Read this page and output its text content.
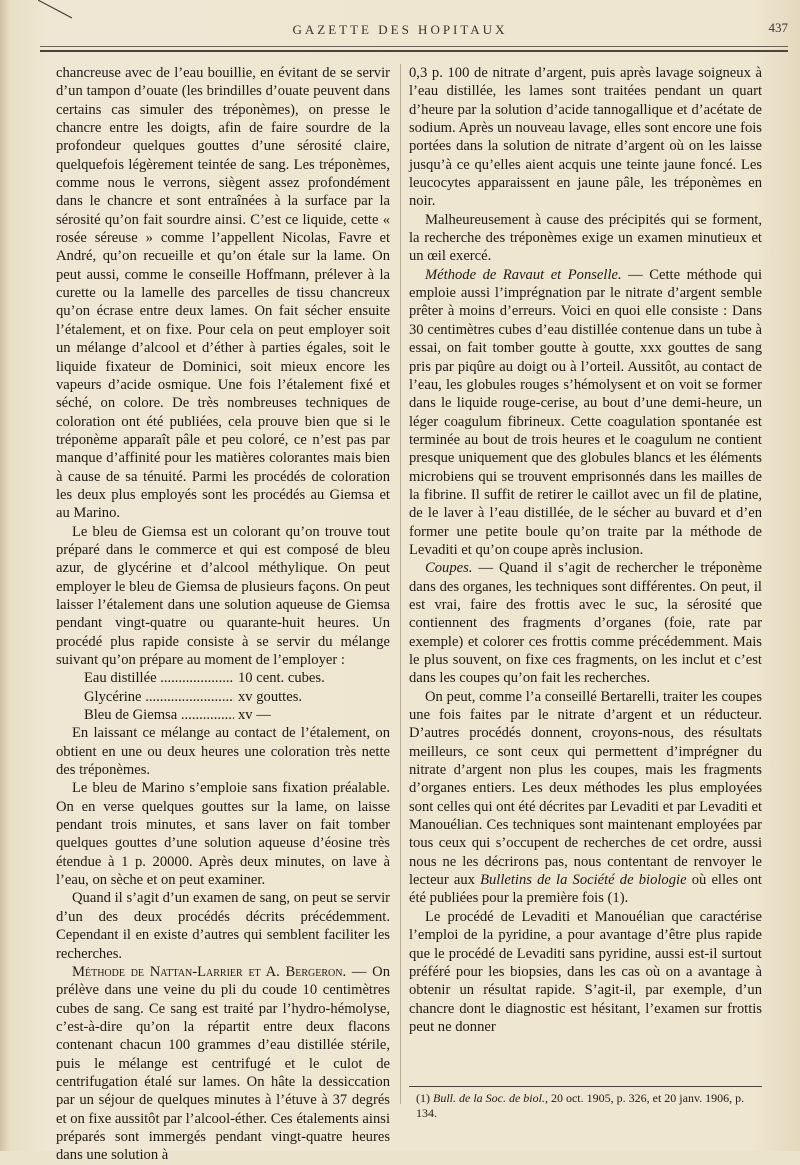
GAZETTE DES HOPITAUX	437

chancreuse avec de l’eau bouillie, en évitant de se servir d’un tampon d’ouate (les brindilles d’ouate peuvent dans certains cas simuler des tréponèmes), on presse le chancre entre les doigts, afin de faire sourdre de la profondeur quelques gouttes d’une sérosité claire, quelquefois légèrement teintée de sang. Les tréponèmes, comme nous le verrons, siègent assez profondément dans le chancre et sont entraînées à la surface par la sérosité qu’on fait sourdre ainsi. C’est ce liquide, cette « rosée séreuse » comme l’appellent Nicolas, Favre et André, qu’on recueille et qu’on étale sur la lame. On peut aussi, comme le conseille Hoffmann, prélever à la curette ou la lamelle des parcelles de tissu chancreux qu’on écrase entre deux lames. On fait sécher ensuite l’étalement, et on fixe. Pour cela on peut employer soit un mélange d’alcool et d’éther à parties égales, soit le liquide fixateur de Dominici, soit mieux encore les vapeurs d’acide osmique. Une fois l’étalement fixé et séché, on colore. De très nombreuses techniques de coloration ont été publiées, cela prouve bien que si le tréponème apparaît pâle et peu coloré, ce n’est pas par manque d’affinité pour les matières colorantes mais bien à cause de sa ténuité. Parmi les procédés de coloration les deux plus employés sont les procédés au Giemsa et au Marino.

Le bleu de Giemsa est un colorant qu’on trouve tout préparé dans le commerce et qui est composé de bleu azur, de glycérine et d’alcool méthylique. On peut employer le bleu de Giemsa de plusieurs façons. On peut laisser l’étalement dans une solution aqueuse de Giemsa pendant vingt-quatre ou quarante-huit heures. Un procédé plus rapide consiste à se servir du mélange suivant qu’on prépare au moment de l’employer :

Eau distillée .....	10 cent. cubes.
Glycérine .....	xv gouttes.
Bleu de Giemsa .....	xv —

En laissant ce mélange au contact de l’étalement, on obtient en une ou deux heures une coloration très nette des tréponèmes.

Le bleu de Marino s’emploie sans fixation préalable. On en verse quelques gouttes sur la lame, on laisse pendant trois minutes, et sans laver on fait tomber quelques gouttes d’une solution aqueuse d’éosine très étendue à 1 p. 20000. Après deux minutes, on lave à l’eau, on sèche et on peut examiner.

Quand il s’agit d’un examen de sang, on peut se servir d’un des deux procédés décrits précédemment. Cependant il en existe d’autres qui semblent faciliter les recherches.

Méthode de Nattan-Larrier et A. Bergeron. — On prélève dans une veine du pli du coude 10 centimètres cubes de sang. Ce sang est traité par l’hydro-hémolyse, c’est-à-dire qu’on la répartit entre deux flacons contenant chacun 100 grammes d’eau distillée stérile, puis le mélange est centrifugé et le culot de centrifugation étalé sur lames. On hâte la dessiccation par un séjour de quelques minutes à l’étuve à 37 degrés et on fixe aussitôt par l’alcool-éther. Ces étalements ainsi préparés sont immergés pendant vingt-quatre heures dans une solution à

0,3 p. 100 de nitrate d’argent, puis après lavage soigneux à l’eau distillée, les lames sont traitées pendant un quart d’heure par la solution d’acide tannogallique et d’acétate de sodium. Après un nouveau lavage, elles sont encore une fois portées dans la solution de nitrate d’argent où on les laisse jusqu’à ce qu’elles aient acquis une teinte jaune foncé. Les leucocytes apparaissent en jaune pâle, les tréponèmes en noir.

Malheureusement à cause des précipités qui se forment, la recherche des tréponèmes exige un examen minutieux et un œil exercé.

Méthode de Ravaut et Ponselle. — Cette méthode qui emploie aussi l’imprégnation par le nitrate d’argent semble prêter à moins d’erreurs. Voici en quoi elle consiste : Dans 30 centimètres cubes d’eau distillée contenue dans un tube à essai, on fait tomber goutte à goutte, xxx gouttes de sang pris par piqûre au doigt ou à l’orteil. Aussitôt, au contact de l’eau, les globules rouges s’hémolysent et on voit se former dans le liquide rouge-cerise, au bout d’une demi-heure, un léger coagulum fibrineux. Cette coagulation spontanée est terminée au bout de trois heures et le coagulum ne contient presque uniquement que des globules blancs et les éléments microbiens qui se trouvent emprisonnés dans les mailles de la fibrine. Il suffit de retirer le caillot avec un fil de platine, de le laver à l’eau distillée, de le sécher au buvard et d’en former une petite boule qu’on traite par la méthode de Levaditi et qu’on coupe après inclusion.

Coupes. — Quand il s’agit de rechercher le tréponème dans des organes, les techniques sont différentes. On peut, il est vrai, faire des frottis avec le suc, la sérosité que contiennent des fragments d’organes (foie, rate par exemple) et colorer ces frottis comme précédemment. Mais le plus souvent, on fixe ces fragments, on les inclut et c’est dans les coupes qu’on fait les recherches.

On peut, comme l’a conseillé Bertarelli, traiter les coupes une fois faites par le nitrate d’argent et un réducteur. D’autres procédés donnent, croyons-nous, des résultats meilleurs, ce sont ceux qui permettent d’imprégner du nitrate d’argent non plus les coupes, mais les fragments d’organes entiers. Les deux méthodes les plus employées sont celles qui ont été décrites par Levaditi et par Levaditi et Manouélian. Ces techniques sont maintenant employées par tous ceux qui s’occupent de recherches de cet ordre, aussi nous ne les décrirons pas, nous contentant de renvoyer le lecteur aux Bulletins de la Société de biologie où elles ont été publiées pour la première fois (1).

Le procédé de Levaditi et Manouélian que caractérise l’emploi de la pyridine, a pour avantage d’être plus rapide que le procédé de Levaditi sans pyridine, aussi est-il surtout préféré pour les biopsies, dans les cas où on a avantage à obtenir un résultat rapide. S’agit-il, par exemple, d’un chancre dont le diagnostic est hésitant, l’examen sur frottis peut ne donner

(1) Bull. de la Soc. de biol., 20 oct. 1905, p. 326, et 20 janv. 1906, p. 134.
